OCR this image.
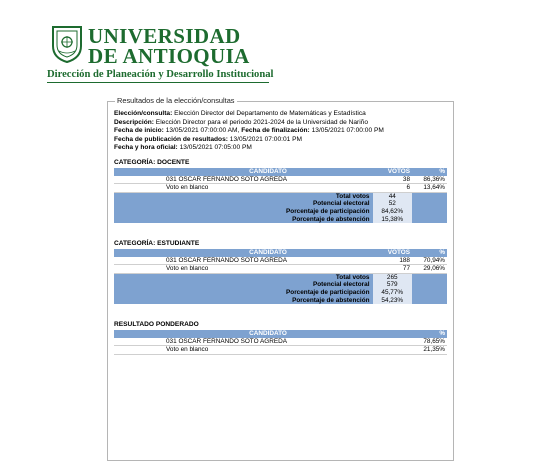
UNIVERSIDAD
DE ANTIOQUIA
Dirección de Planeación y Desarrollo Institucional
Resultados de la elección/consultas
Elección/consulta: Elección Director del Departamento de Matemáticas y Estadística
Descripción: Elección Director para el periodo 2021-2024 de la Universidad de Nariño
Fecha de inicio: 13/05/2021 07:00:00 AM, Fecha de finalización: 13/05/2021 07:00:00 PM
Fecha de publicación de resultados: 13/05/2021 07:00:01 PM
Fecha y hora oficial: 13/05/2021 07:05:00 PM
CATEGORÍA: DOCENTE
	CANDIDATO	VOTOS	%
	031 OSCAR FERNANDO SOTO AGREDA	38	86,36%
	Voto en blanco	6	13,64%
	Total votos	44	
	Potencial electoral	52	
	Porcentaje de participación	84,62%	
	Porcentaje de abstención	15,38%	
CATEGORÍA: ESTUDIANTE
	CANDIDATO	VOTOS	%
	031 OSCAR FERNANDO SOTO AGREDA	188	70,94%
	Voto en blanco	77	29,06%
	Total votos	265	
	Potencial electoral	579	
	Porcentaje de participación	45,77%	
	Porcentaje de abstención	54,23%	
RESULTADO PONDERADO
	CANDIDATO		%
	031 OSCAR FERNANDO SOTO AGREDA		78,65%
	Voto en blanco		21,35%
